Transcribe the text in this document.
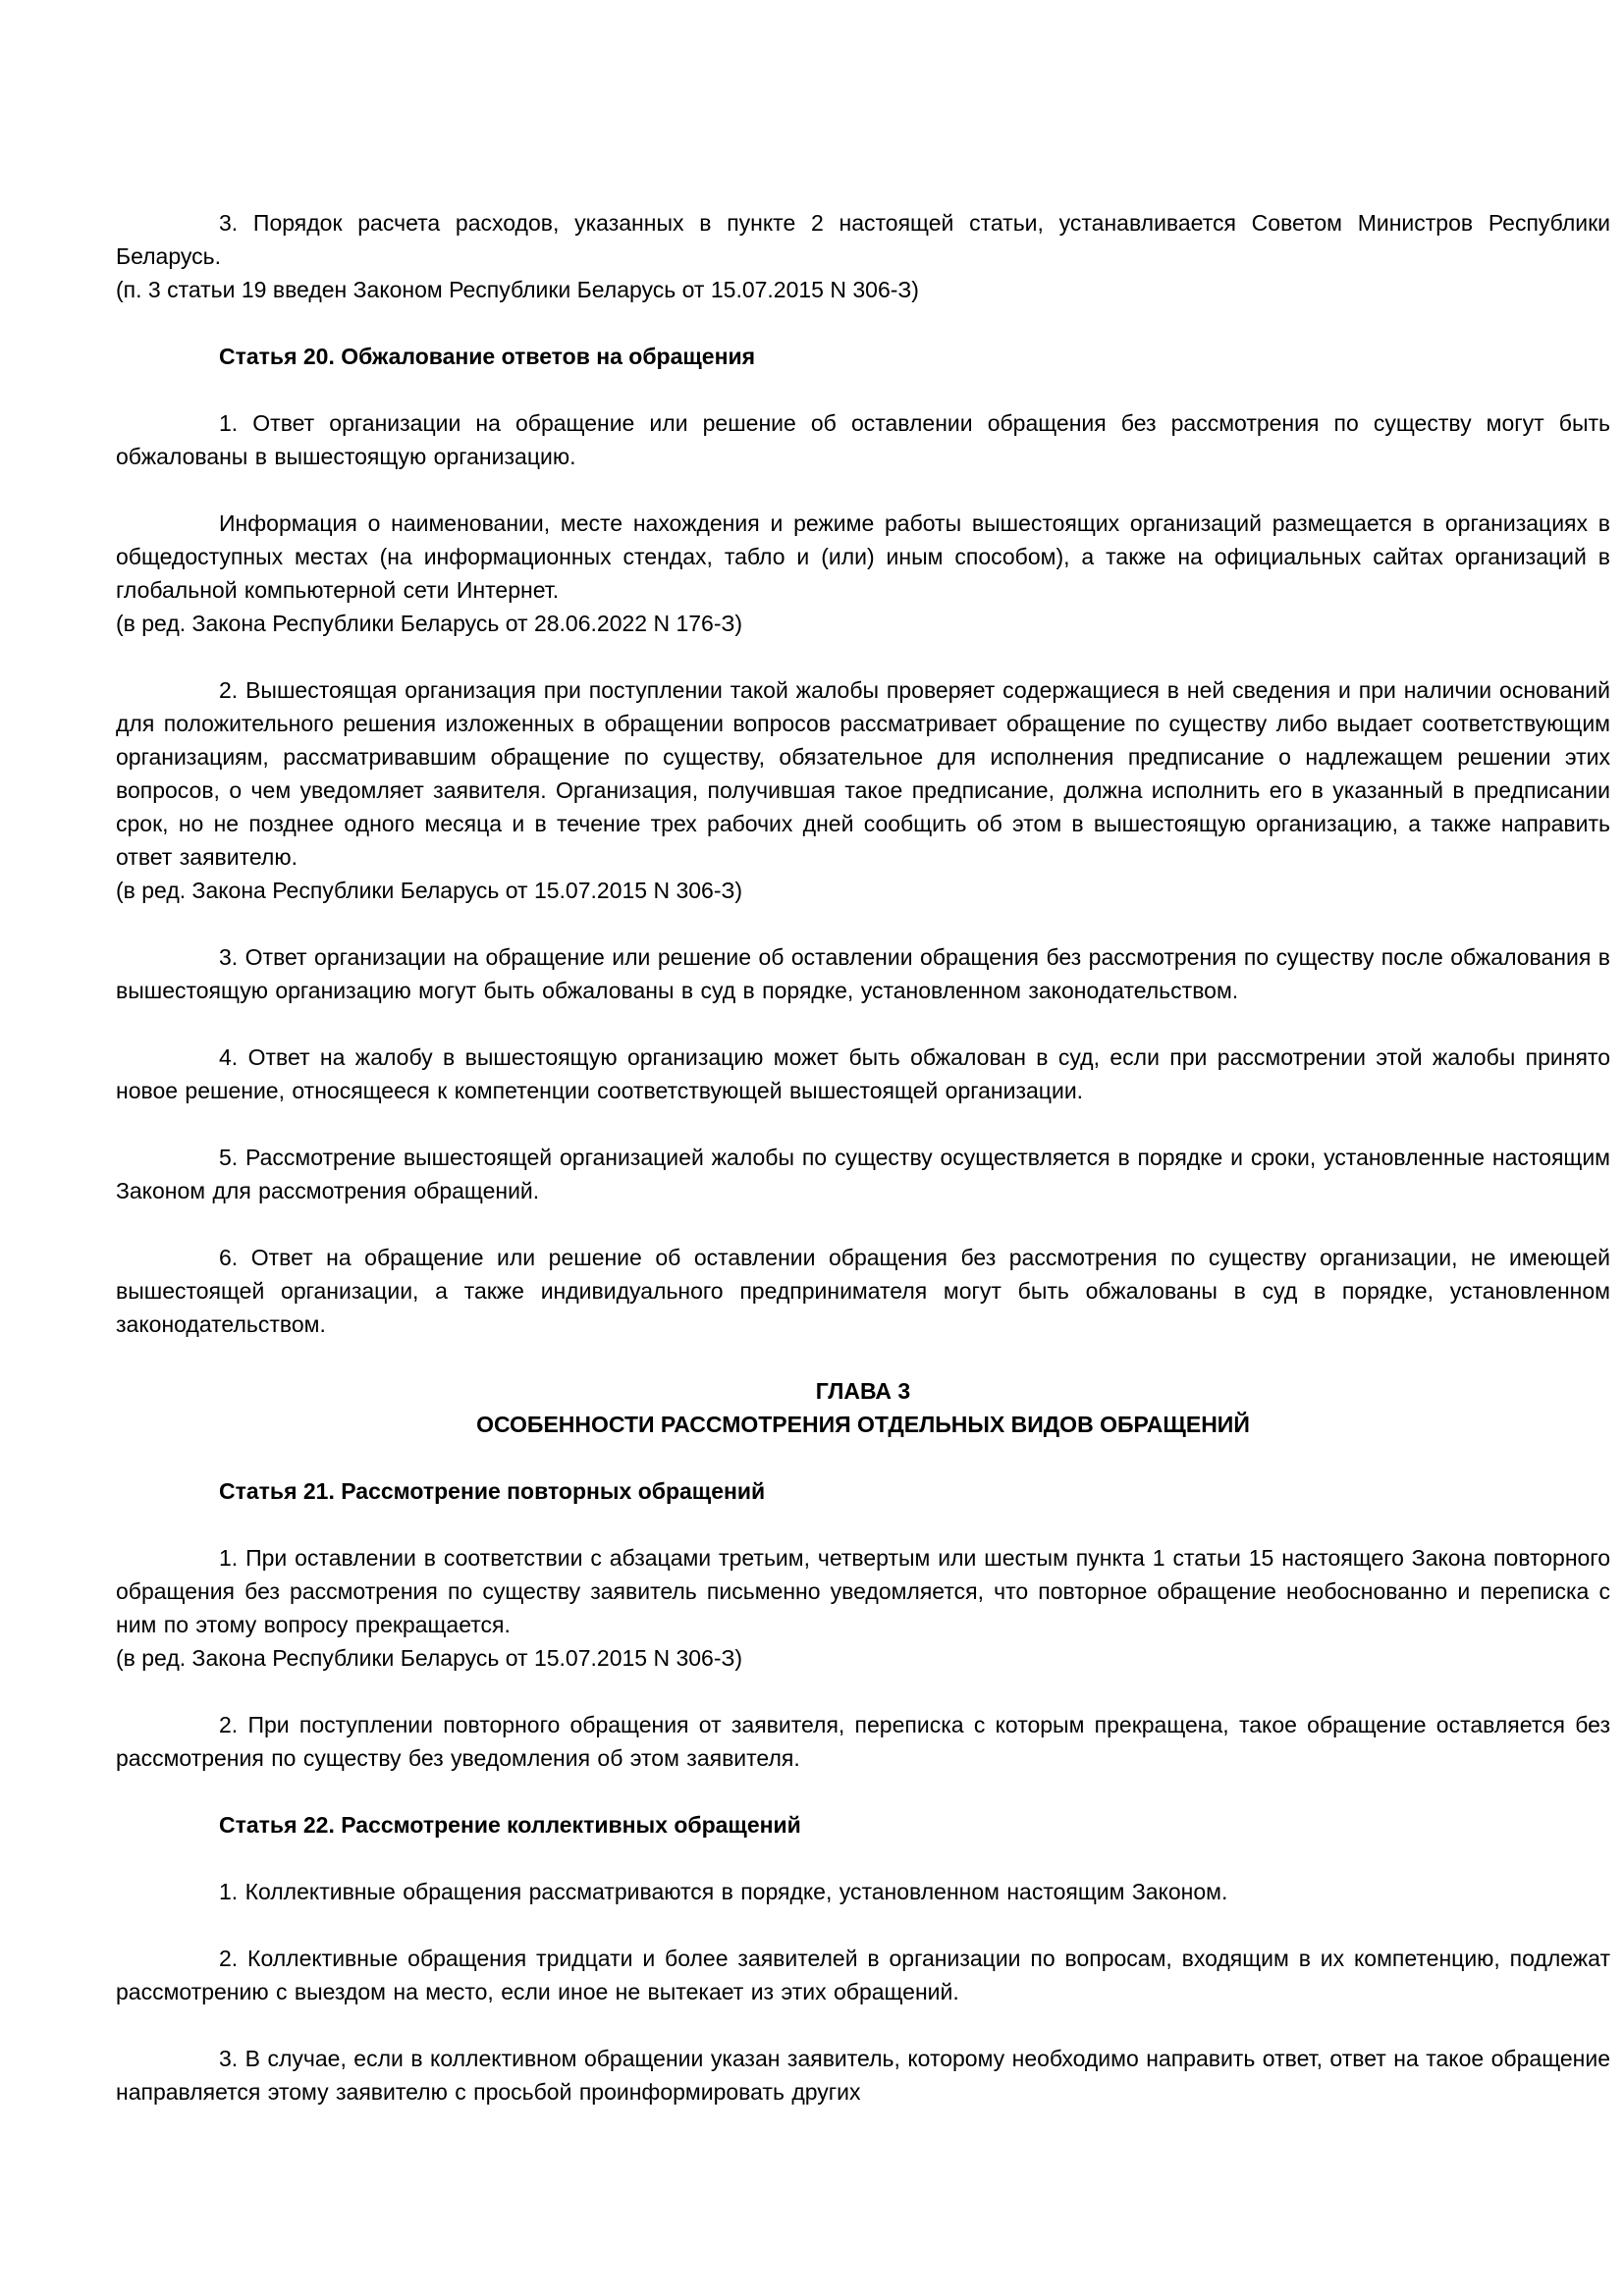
3. Порядок расчета расходов, указанных в пункте 2 настоящей статьи, устанавливается Советом Министров Республики Беларусь.
(п. 3 статьи 19 введен Законом Республики Беларусь от 15.07.2015 N 306-З)
Статья 20. Обжалование ответов на обращения
1. Ответ организации на обращение или решение об оставлении обращения без рассмотрения по существу могут быть обжалованы в вышестоящую организацию.
Информация о наименовании, месте нахождения и режиме работы вышестоящих организаций размещается в организациях в общедоступных местах (на информационных стендах, табло и (или) иным способом), а также на официальных сайтах организаций в глобальной компьютерной сети Интернет.
(в ред. Закона Республики Беларусь от 28.06.2022 N 176-З)
2. Вышестоящая организация при поступлении такой жалобы проверяет содержащиеся в ней сведения и при наличии оснований для положительного решения изложенных в обращении вопросов рассматривает обращение по существу либо выдает соответствующим организациям, рассматривавшим обращение по существу, обязательное для исполнения предписание о надлежащем решении этих вопросов, о чем уведомляет заявителя. Организация, получившая такое предписание, должна исполнить его в указанный в предписании срок, но не позднее одного месяца и в течение трех рабочих дней сообщить об этом в вышестоящую организацию, а также направить ответ заявителю.
(в ред. Закона Республики Беларусь от 15.07.2015 N 306-З)
3. Ответ организации на обращение или решение об оставлении обращения без рассмотрения по существу после обжалования в вышестоящую организацию могут быть обжалованы в суд в порядке, установленном законодательством.
4. Ответ на жалобу в вышестоящую организацию может быть обжалован в суд, если при рассмотрении этой жалобы принято новое решение, относящееся к компетенции соответствующей вышестоящей организации.
5. Рассмотрение вышестоящей организацией жалобы по существу осуществляется в порядке и сроки, установленные настоящим Законом для рассмотрения обращений.
6. Ответ на обращение или решение об оставлении обращения без рассмотрения по существу организации, не имеющей вышестоящей организации, а также индивидуального предпринимателя могут быть обжалованы в суд в порядке, установленном законодательством.
ГЛАВА 3
ОСОБЕННОСТИ РАССМОТРЕНИЯ ОТДЕЛЬНЫХ ВИДОВ ОБРАЩЕНИЙ
Статья 21. Рассмотрение повторных обращений
1. При оставлении в соответствии с абзацами третьим, четвертым или шестым пункта 1 статьи 15 настоящего Закона повторного обращения без рассмотрения по существу заявитель письменно уведомляется, что повторное обращение необоснованно и переписка с ним по этому вопросу прекращается.
(в ред. Закона Республики Беларусь от 15.07.2015 N 306-З)
2. При поступлении повторного обращения от заявителя, переписка с которым прекращена, такое обращение оставляется без рассмотрения по существу без уведомления об этом заявителя.
Статья 22. Рассмотрение коллективных обращений
1. Коллективные обращения рассматриваются в порядке, установленном настоящим Законом.
2. Коллективные обращения тридцати и более заявителей в организации по вопросам, входящим в их компетенцию, подлежат рассмотрению с выездом на место, если иное не вытекает из этих обращений.
3. В случае, если в коллективном обращении указан заявитель, которому необходимо направить ответ, ответ на такое обращение направляется этому заявителю с просьбой проинформировать других
